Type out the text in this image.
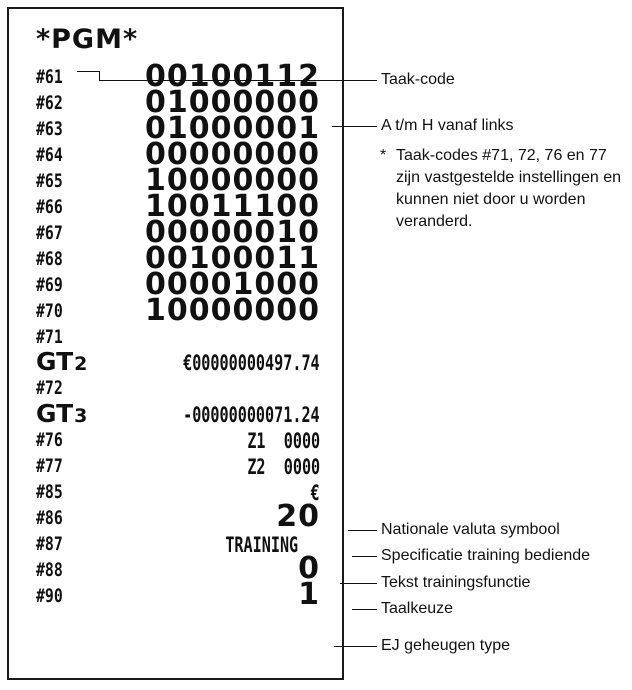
*PGM*
#61	00100112
#62	01000000
#63	01000001
#64	00000000
#65	10000000
#66	10011100
#67	00000010
#68	00100011
#69	00001000
#70	10000000
#71
GT2	€00000000497.74
#72
GT3	-00000000071.24
#76	Z1  0000
#77	Z2  0000
#85	€
#86	20
#87	TRAINING
#88	0
#90	1
Taak-code
A t/m H vanaf links
* Taak-codes #71, 72, 76 en 77 zijn vastgestelde instellingen en kunnen niet door u worden veranderd.
Nationale valuta symbool
Specificatie training bediende
Tekst trainingsfunctie
Taalkeuze
EJ geheugen type
